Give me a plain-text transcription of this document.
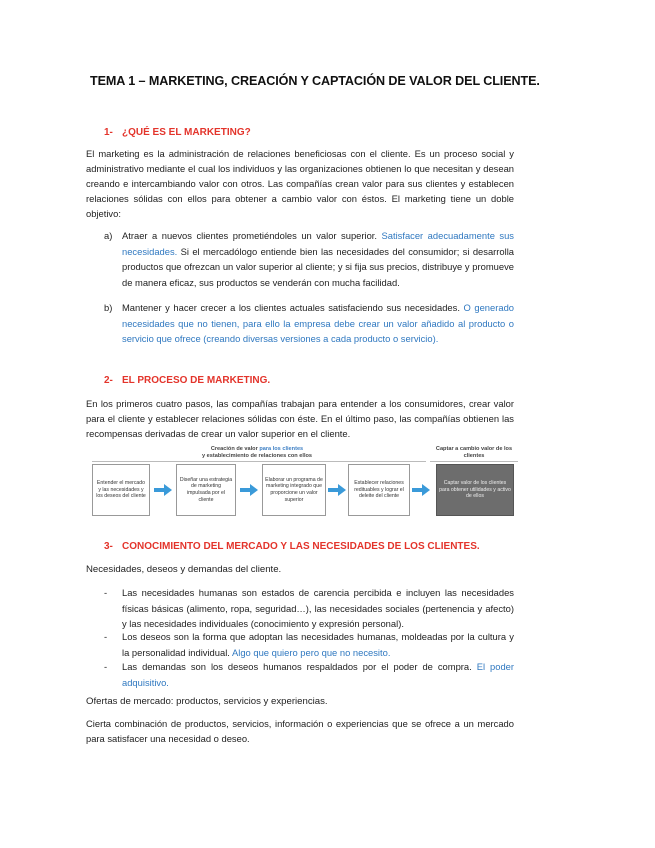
TEMA 1 – MARKETING, CREACIÓN Y CAPTACIÓN DE VALOR DEL CLIENTE.
1- ¿QUÉ ES EL MARKETING?
El marketing es la administración de relaciones beneficiosas con el cliente. Es un proceso social y administrativo mediante el cual los individuos y las organizaciones obtienen lo que necesitan y desean creando e intercambiando valor con otros. Las compañías crean valor para sus clientes y establecen relaciones sólidas con ellos para obtener a cambio valor con éstos. El marketing tiene un doble objetivo:
a) Atraer a nuevos clientes prometiéndoles un valor superior. Satisfacer adecuadamente sus necesidades. Si el mercadólogo entiende bien las necesidades del consumidor; si desarrolla productos que ofrezcan un valor superior al cliente; y si fija sus precios, distribuye y promueve de manera eficaz, sus productos se venderán con mucha facilidad.
b) Mantener y hacer crecer a los clientes actuales satisfaciendo sus necesidades. O generado necesidades que no tienen, para ello la empresa debe crear un valor añadido al producto o servicio que ofrece (creando diversas versiones a cada producto o servicio).
2- EL PROCESO DE MARKETING.
En los primeros cuatro pasos, las compañías trabajan para entender a los consumidores, crear valor para el cliente y establecer relaciones sólidas con éste. En el último paso, las compañías obtienen las recompensas derivadas de crear un valor superior en el cliente.
Creación de valor para los clientes
y establecimiento de relaciones con ellos
Captar a cambio valor de los clientes
Entender el mercado y las necesidades y los deseos del cliente
Diseñar una estrategia de marketing impulsada por el cliente
Elaborar un programa de marketing integrado que proporcione un valor superior
Establecer relaciones redituables y lograr el deleite del cliente
Captar valor de los clientes para obtener utilidades y activo de ellos
3- CONOCIMIENTO DEL MERCADO Y LAS NECESIDADES DE LOS CLIENTES.
Necesidades, deseos y demandas del cliente.
- Las necesidades humanas son estados de carencia percibida e incluyen las necesidades físicas básicas (alimento, ropa, seguridad…), las necesidades sociales (pertenencia y afecto) y las necesidades individuales (conocimiento y expresión personal).
- Los deseos son la forma que adoptan las necesidades humanas, moldeadas por la cultura y la personalidad individual. Algo que quiero pero que no necesito.
- Las demandas son los deseos humanos respaldados por el poder de compra. El poder adquisitivo.
Ofertas de mercado: productos, servicios y experiencias.
Cierta combinación de productos, servicios, información o experiencias que se ofrece a un mercado para satisfacer una necesidad o deseo.
